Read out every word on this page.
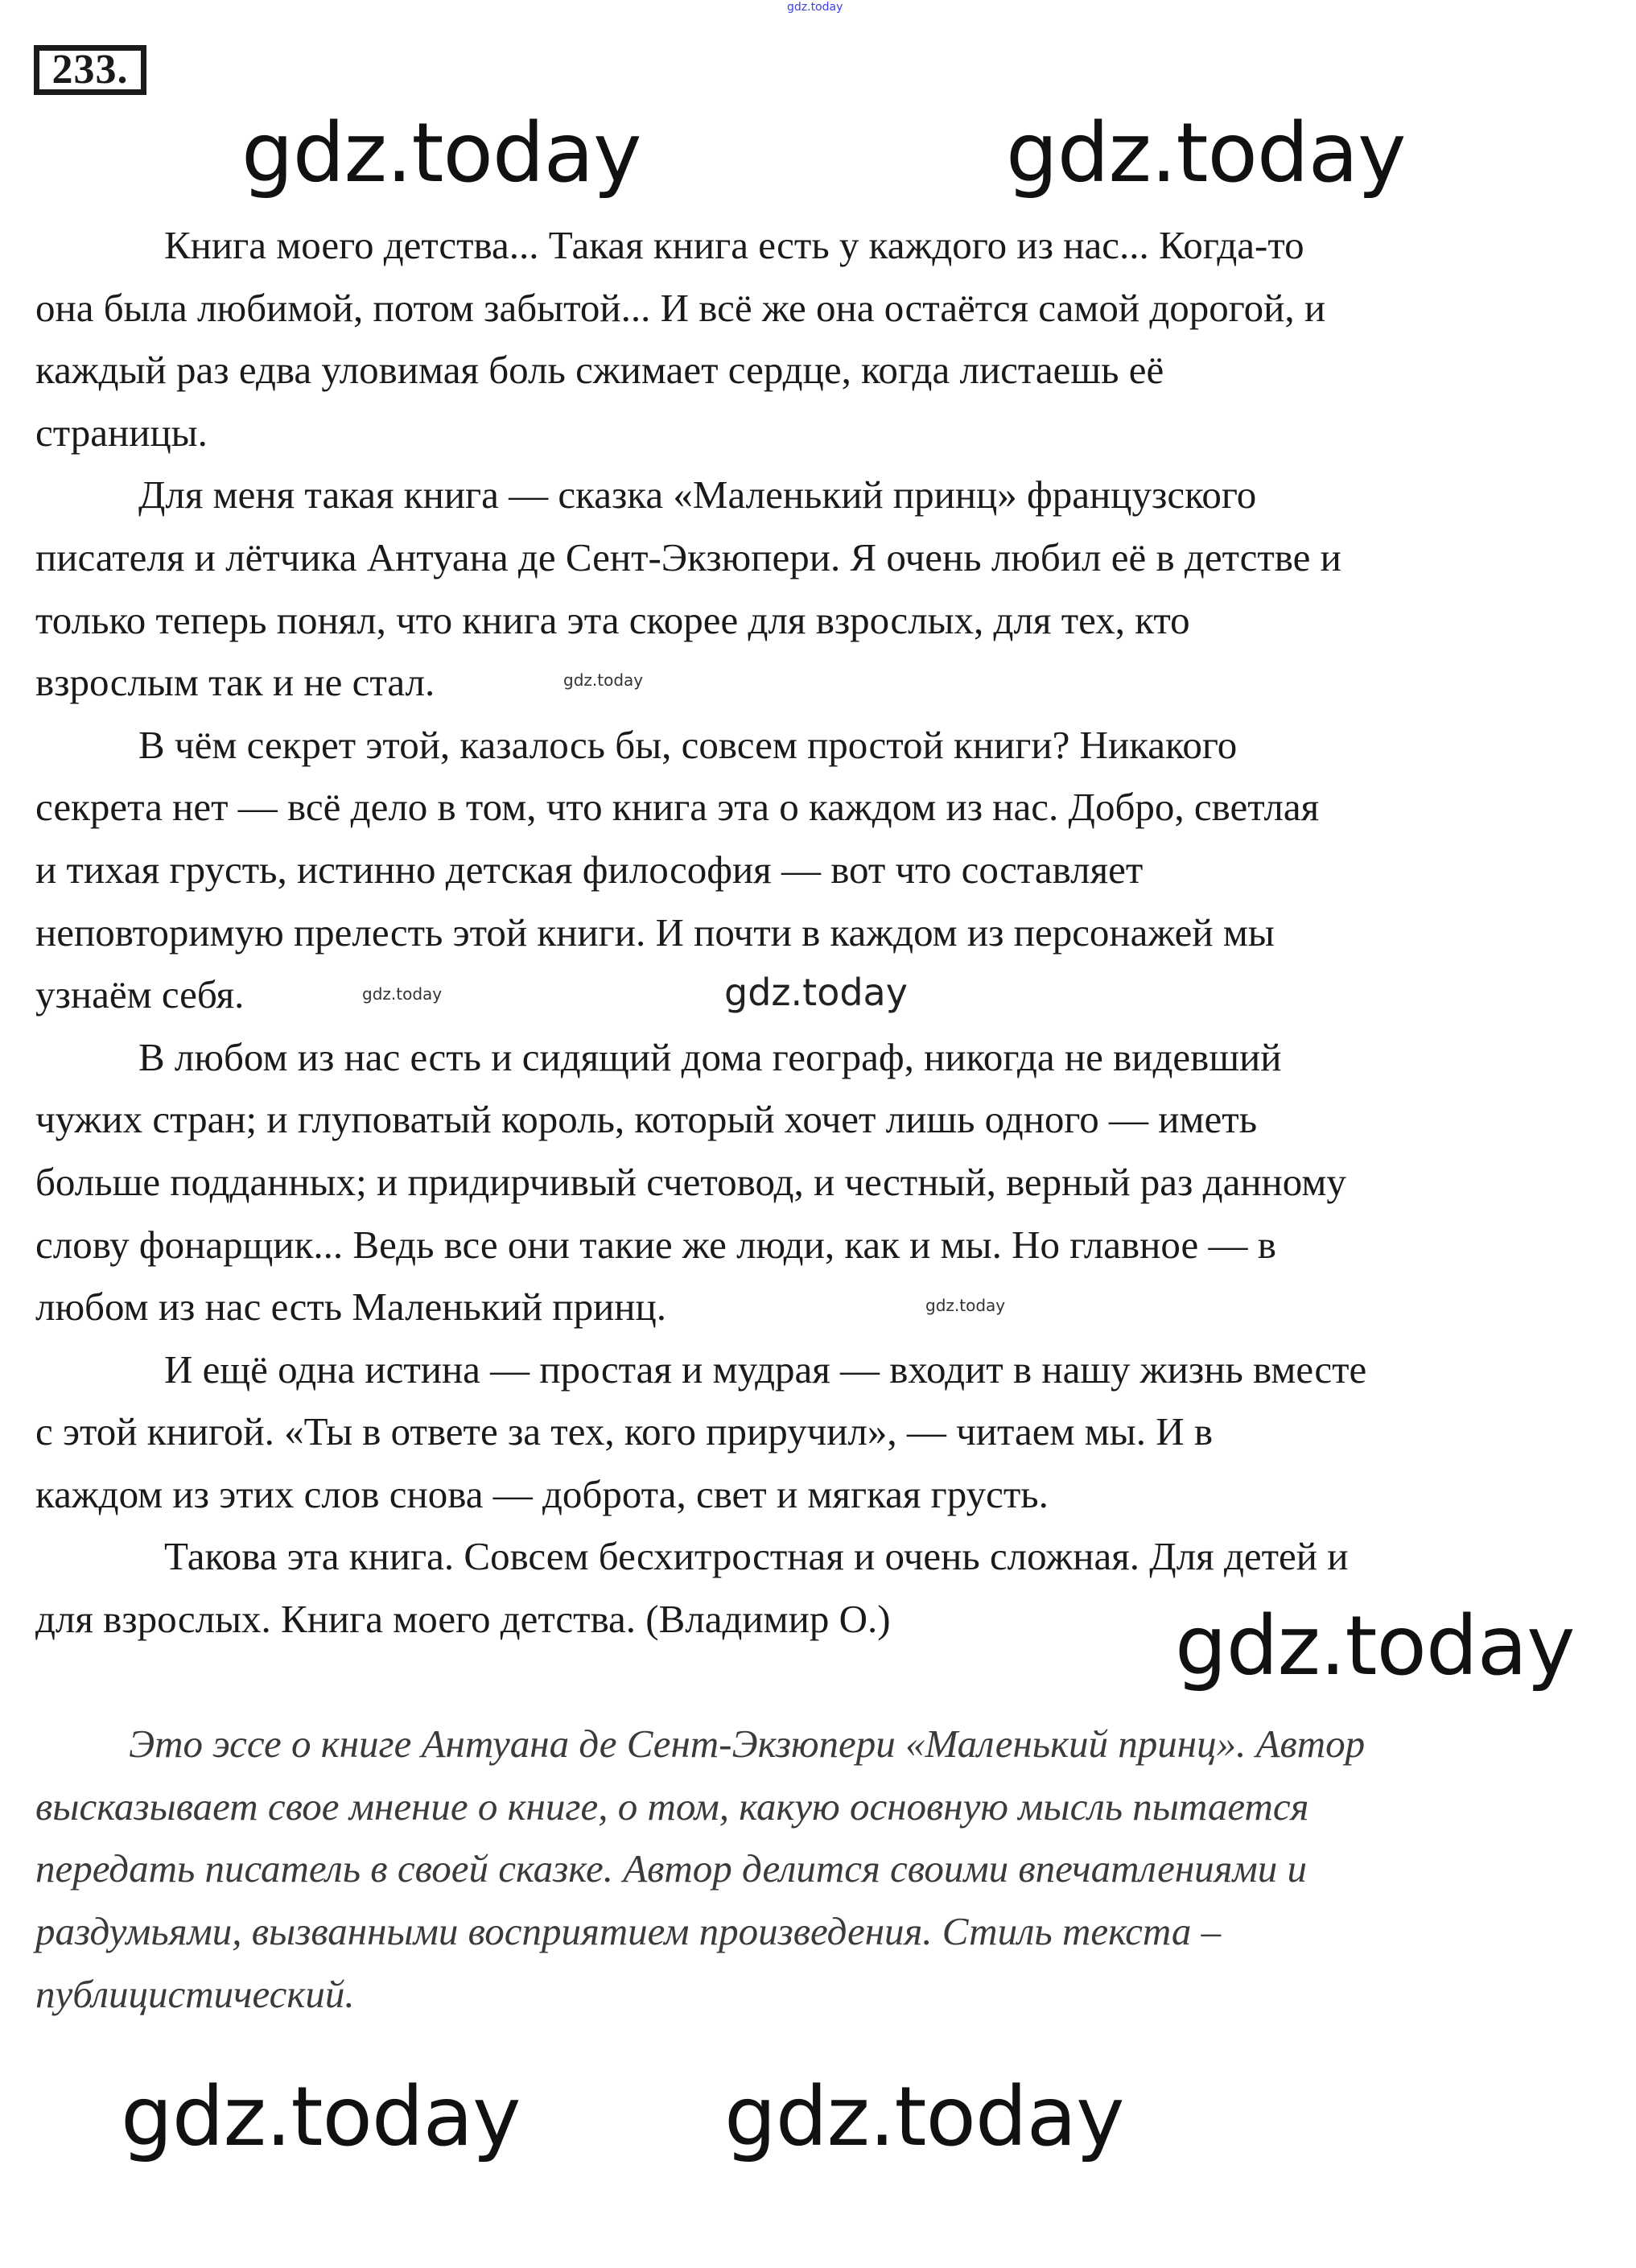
gdz.today
233.
Книга моего детства... Такая книга есть у каждого из нас... Когда-то
она была любимой, потом забытой... И всё же она остаётся самой дорогой, и
каждый раз едва уловимая боль сжимает сердце, когда листаешь её
страницы.
Для меня такая книга — сказка «Маленький принц» французского
писателя и лётчика Антуана де Сент-Экзюпери. Я очень любил её в детстве и
только теперь понял, что книга эта скорее для взрослых, для тех, кто
взрослым так и не стал.
В чём секрет этой, казалось бы, совсем простой книги? Никакого
секрета нет — всё дело в том, что книга эта о каждом из нас. Добро, светлая
и тихая грусть, истинно детская философия — вот что составляет
неповторимую прелесть этой книги. И почти в каждом из персонажей мы
узнаём себя.
В любом из нас есть и сидящий дома географ, никогда не видевший
чужих стран; и глуповатый король, который хочет лишь одного — иметь
больше подданных; и придирчивый счетовод, и честный, верный раз данному
слову фонарщик... Ведь все они такие же люди, как и мы. Но главное — в
любом из нас есть Маленький принц.
И ещё одна истина — простая и мудрая — входит в нашу жизнь вместе
с этой книгой. «Ты в ответе за тех, кого приручил», — читаем мы. И в
каждом из этих слов снова — доброта, свет и мягкая грусть.
Такова эта книга. Совсем бесхитростная и очень сложная. Для детей и
для взрослых. Книга моего детства. (Владимир О.)
Это эссе о книге Антуана де Сент-Экзюпери «Маленький принц». Автор
высказывает свое мнение о книге, о том, какую основную мысль пытается
передать писатель в своей сказке. Автор делится своими впечатлениями и
раздумьями, вызванными восприятием произведения. Стиль текста –
публицистический.
gdz.today	gdz.today
gdz.today
gdz.today
gdz.today gdz.today
gdz.today
gdz.today
gdz.today
